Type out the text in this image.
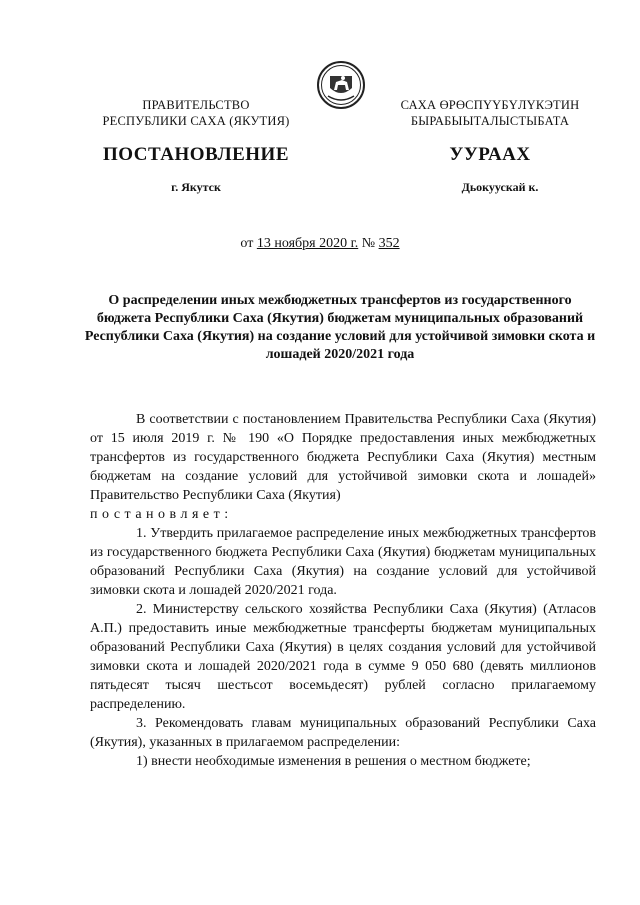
ПРАВИТЕЛЬСТВО
РЕСПУБЛИКИ САХА (ЯКУТИЯ)
САХА ӨРӨСПҮҮБҮЛҮКЭТИН
БЫРАБЫЫТАЛЫСТЫБАТА
ПОСТАНОВЛЕНИЕ	УУРААХ
г. Якутск	Дьокуускай к.
от 13 ноября 2020 г. № 352
О распределении иных межбюджетных трансфертов из государственного бюджета Республики Саха (Якутия) бюджетам муниципальных образований Республики Саха (Якутия) на создание условий для устойчивой зимовки скота и лошадей 2020/2021 года

В соответствии с постановлением Правительства Республики Саха (Якутия) от 15 июля 2019 г. № 190 «О Порядке предоставления иных межбюджетных трансфертов из государственного бюджета Республики Саха (Якутия) местным бюджетам на создание условий для устойчивой зимовки скота и лошадей» Правительство Республики Саха (Якутия)

постановляет:

1. Утвердить прилагаемое распределение иных межбюджетных трансфертов из государственного бюджета Республики Саха (Якутия) бюджетам муниципальных образований Республики Саха (Якутия) на создание условий для устойчивой зимовки скота и лошадей 2020/2021 года.

2. Министерству сельского хозяйства Республики Саха (Якутия) (Атласов А.П.) предоставить иные межбюджетные трансферты бюджетам муниципальных образований Республики Саха (Якутия) в целях создания условий для устойчивой зимовки скота и лошадей 2020/2021 года в сумме 9 050 680 (девять миллионов пятьдесят тысяч шестьсот восемьдесят) рублей согласно прилагаемому распределению.

3. Рекомендовать главам муниципальных образований Республики Саха (Якутия), указанных в прилагаемом распределении:

1) внести необходимые изменения в решения о местном бюджете;
